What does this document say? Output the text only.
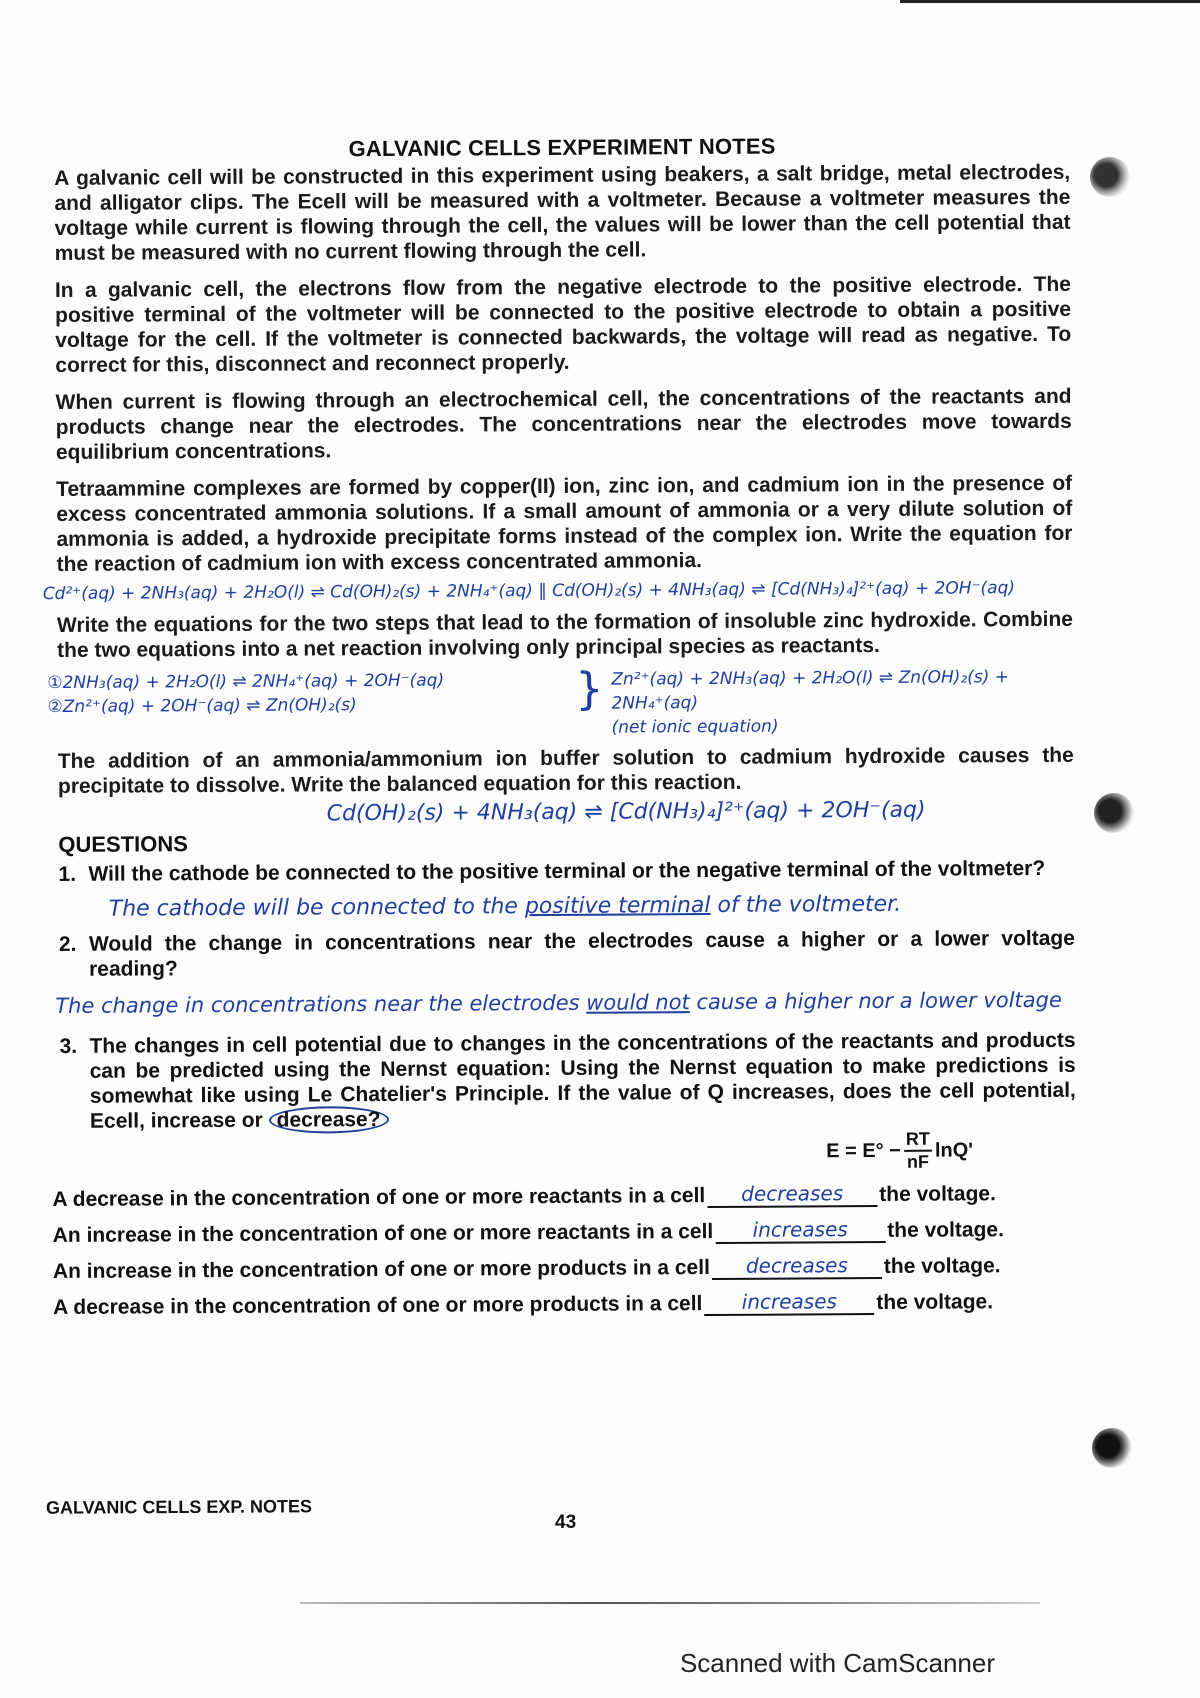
GALVANIC CELLS EXPERIMENT NOTES

A galvanic cell will be constructed in this experiment using beakers, a salt bridge, metal electrodes, and alligator clips. The Ecell will be measured with a voltmeter. Because a voltmeter measures the voltage while current is flowing through the cell, the values will be lower than the cell potential that must be measured with no current flowing through the cell.

In a galvanic cell, the electrons flow from the negative electrode to the positive electrode. The positive terminal of the voltmeter will be connected to the positive electrode to obtain a positive voltage for the cell. If the voltmeter is connected backwards, the voltage will read as negative. To correct for this, disconnect and reconnect properly.

When current is flowing through an electrochemical cell, the concentrations of the reactants and products change near the electrodes. The concentrations near the electrodes move towards equilibrium concentrations.

Tetraammine complexes are formed by copper(II) ion, zinc ion, and cadmium ion in the presence of excess concentrated ammonia solutions. If a small amount of ammonia or a very dilute solution of ammonia is added, a hydroxide precipitate forms instead of the complex ion. Write the equation for the reaction of cadmium ion with excess concentrated ammonia.

Cd²⁺(aq) + 2NH₃(aq) + 2H₂O(l) ⇌ Cd(OH)₂(s) + 2NH₄⁺(aq) ‖ Cd(OH)₂(s) + 4NH₃(aq) ⇌ [Cd(NH₃)₄]²⁺(aq) + 2OH⁻(aq)

Write the equations for the two steps that lead to the formation of insoluble zinc hydroxide. Combine the two equations into a net reaction involving only principal species as reactants.

①2NH₃(aq) + 2H₂O(l) ⇌ 2NH₄⁺(aq) + 2OH⁻(aq)
②Zn²⁺(aq) + 2OH⁻(aq) ⇌ Zn(OH)₂(s)	} Zn²⁺(aq) + 2NH₃(aq) + 2H₂O(l) ⇌ Zn(OH)₂(s) + 2NH₄⁺(aq)
(net ionic equation)

The addition of an ammonia/ammonium ion buffer solution to cadmium hydroxide causes the precipitate to dissolve. Write the balanced equation for this reaction.

Cd(OH)₂(s) + 4NH₃(aq) ⇌ [Cd(NH₃)₄]²⁺(aq) + 2OH⁻(aq)
QUESTIONS
1. Will the cathode be connected to the positive terminal or the negative terminal of the voltmeter?
The cathode will be connected to the positive terminal of the voltmeter.
2. Would the change in concentrations near the electrodes cause a higher or a lower voltage reading?
The change in concentrations near the electrodes would not cause a higher nor a lower voltage
3. The changes in cell potential due to changes in the concentrations of the reactants and products can be predicted using the Nernst equation: Using the Nernst equation to make predictions is somewhat like using Le Chatelier's Principle. If the value of Q increases, does the cell potential, Ecell, increase or decrease?
$E = E^\circ - \frac{RT}{nF} \ln Q'$
A decrease in the concentration of one or more reactants in a cell	decreases	the voltage.
An increase in the concentration of one or more reactants in a cell	increases	the voltage.
An increase in the concentration of one or more products in a cell	decreases	the voltage.
A decrease in the concentration of one or more products in a cell	increases	the voltage.
GALVANIC CELLS EXP. NOTES
43
Scanned with CamScanner
